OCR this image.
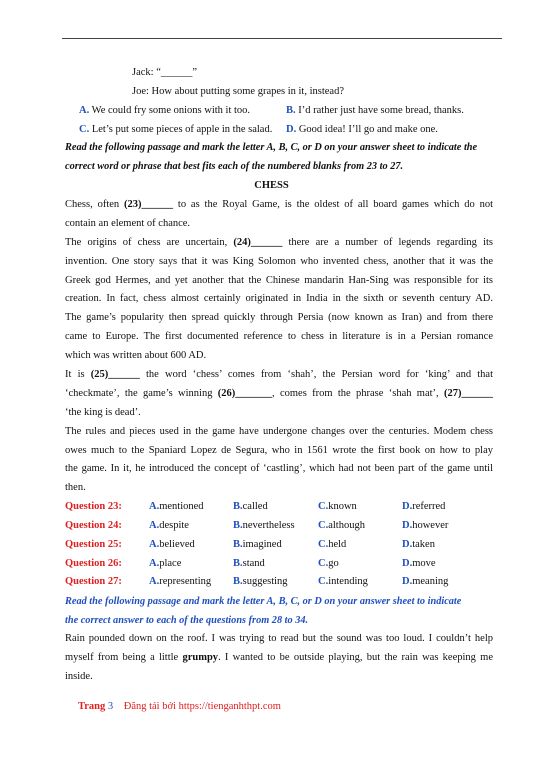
Jack: “______”
Joe: How about putting some grapes in it, instead?
A. We could fry some onions with it too.	B. I’d rather just have some bread, thanks.
C. Let’s put some pieces of apple in the salad. D. Good idea! I’ll go and make one.
Read the following passage and mark the letter A, B, C, or D on your answer sheet to indicate the
correct word or phrase that best fits each of the numbered blanks from 23 to 27.
CHESS
Chess, often (23)______ to as the Royal Game, is the oldest of all board games which do not
contain an element of chance.
The origins of chess are uncertain, (24)______ there are a number of legends regarding its
invention. One story says that it was King Solomon who invented chess, another that it was the
Greek god Hermes, and yet another that the Chinese mandarin Han-Sing was responsible for its
creation. In fact, chess almost certainly originated in India in the sixth or seventh century AD.
The game’s popularity then spread quickly through Persia (now known as Iran) and from there
came to Europe. The first documented reference to chess in literature is in a Persian romance
which was written about 600 AD.
It is (25)______ the word ‘chess’ comes from ‘shah’, the Persian word for ‘king’ and that
‘checkmate’, the game’s winning (26)_______, comes from the phrase ‘shah mat’, (27)______
‘the king is dead’.
The rules and pieces used in the game have undergone changes over the centuries. Modem chess
owes much to the Spaniard Lopez de Segura, who in 1561 wrote the first book on how to play
the game. In it, he introduced the concept of ‘castling’, which had not been part of the game until
then.
Question 23:	A. mentioned	B. called	C. known	D. referred
Question 24:	A. despite	B. nevertheless C. although	D. however
Question 25:	A. believed	B. imagined	C. held	D. taken
Question 26:	A. place	B. stand	C. go	D. move
Question 27:	A. representing B. suggesting	C. intending	D. meaning
Read the following passage and mark the letter A, B, C, or D on your answer sheet to indicate
the correct answer to each of the questions from 28 to 34.
Rain pounded down on the roof. I was trying to read but the sound was too loud. I couldn’t help
myself from being a little grumpy. I wanted to be outside playing, but the rain was keeping me
inside.
Trang 3 Đăng tải bởi https://tienganhthpt.com
